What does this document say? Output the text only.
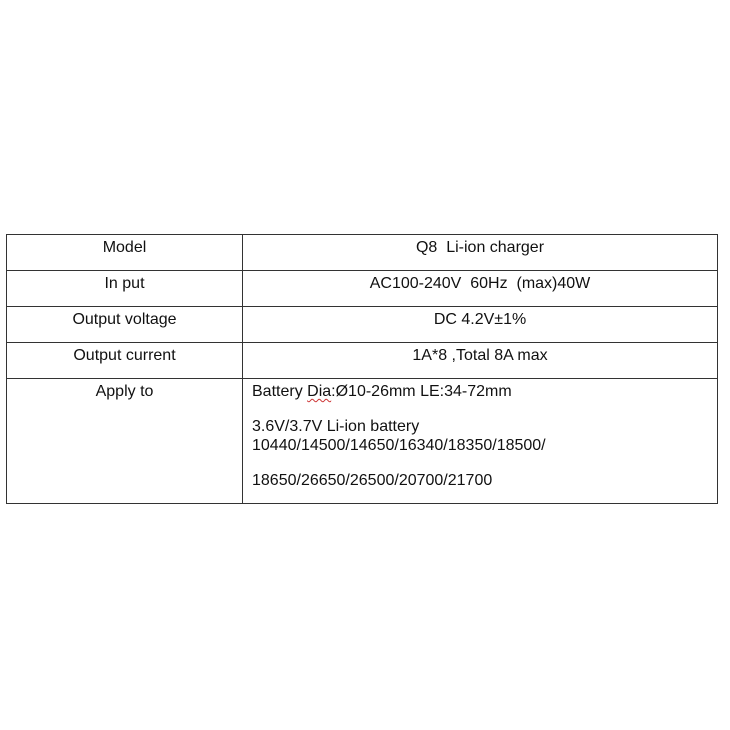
Model	Q8  Li-ion charger
In put	AC100-240V  60Hz  (max)40W
Output voltage	DC 4.2V±1%
Output current	1A*8 ,Total 8A max
Apply to	Battery Dia:Ø10-26mm LE:34-72mm
3.6V/3.7V Li-ion battery
10440/14500/14650/16340/18350/18500/
18650/26650/26500/20700/21700
